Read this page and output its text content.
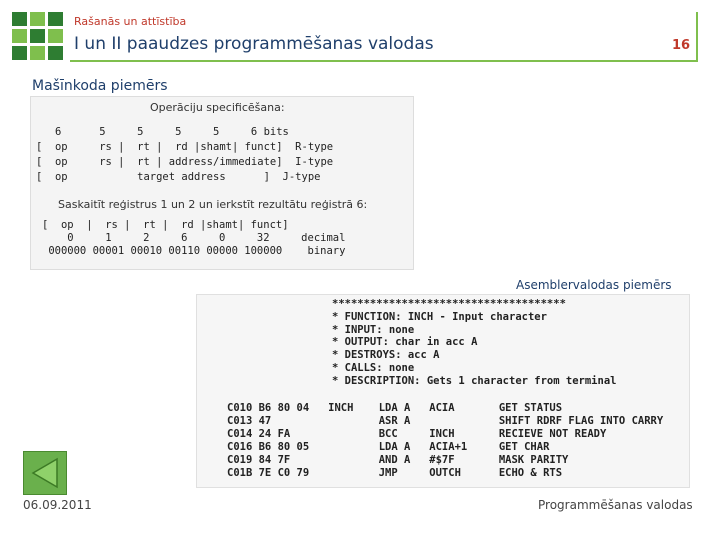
Rašanās un attīstība
I un II paaudzes programmēšanas valodas	16
Mašīnkoda piemērs
Operāciju specificēšana:
6      5     5     5     5     6 bits
[  op     rs |  rt |  rd |shamt| funct]  R-type
[  op     rs |  rt | address/immediate]  I-type
[  op           target address      ]  J-type
Saskaitīt reģistrus 1 un 2 un ierkstīt rezultātu reģistrā 6:
[  op  |  rs |  rt |  rd |shamt| funct]
0     1     2     6     0     32     decimal
000000 00001 00010 00110 00000 100000    binary
Asemblervalodas piemērs
*************************************
* FUNCTION: INCH - Input character
* INPUT: none
* OUTPUT: char in acc A
* DESTROYS: acc A
* CALLS: none
* DESCRIPTION: Gets 1 character from terminal
C010 B6 80 04   INCH    LDA A   ACIA       GET STATUS
C013 47                 ASR A              SHIFT RDRF FLAG INTO CARRY
C014 24 FA              BCC     INCH       RECIEVE NOT READY
C016 B6 80 05           LDA A   ACIA+1     GET CHAR
C019 84 7F              AND A   #$7F       MASK PARITY
C01B 7E C0 79           JMP     OUTCH      ECHO & RTS
06.09.2011	Programmēšanas valodas
